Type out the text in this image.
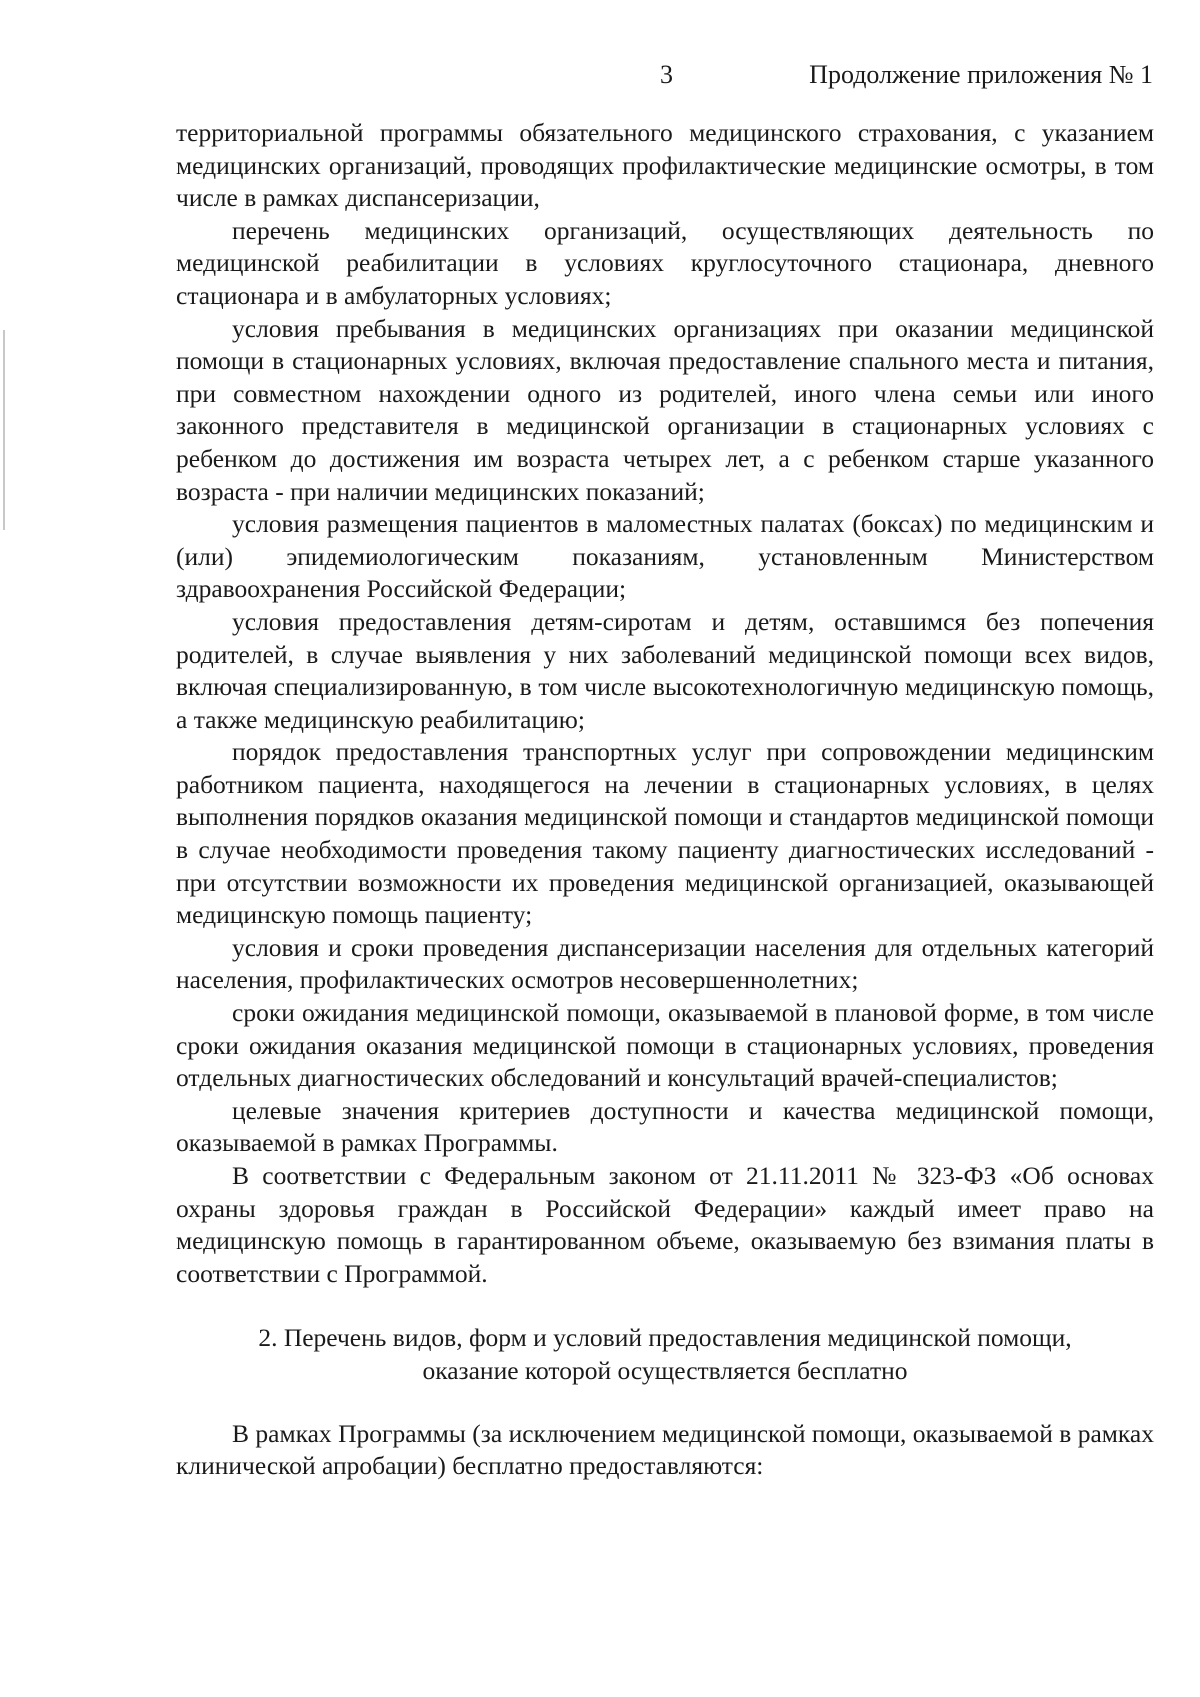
3	Продолжение приложения № 1

территориальной программы обязательного медицинского страхования, с указанием медицинских организаций, проводящих профилактические медицинские осмотры, в том числе в рамках диспансеризации,

перечень медицинских организаций, осуществляющих деятельность по медицинской реабилитации в условиях круглосуточного стационара, дневного стационара и в амбулаторных условиях;

условия пребывания в медицинских организациях при оказании медицинской помощи в стационарных условиях, включая предоставление спального места и питания, при совместном нахождении одного из родителей, иного члена семьи или иного законного представителя в медицинской организации в стационарных условиях с ребенком до достижения им возраста четырех лет, а с ребенком старше указанного возраста - при наличии медицинских показаний;

условия размещения пациентов в маломестных палатах (боксах) по медицинским и (или) эпидемиологическим показаниям, установленным Министерством здравоохранения Российской Федерации;

условия предоставления детям-сиротам и детям, оставшимся без попечения родителей, в случае выявления у них заболеваний медицинской помощи всех видов, включая специализированную, в том числе высокотехнологичную медицинскую помощь, а также медицинскую реабилитацию;

порядок предоставления транспортных услуг при сопровождении медицинским работником пациента, находящегося на лечении в стационарных условиях, в целях выполнения порядков оказания медицинской помощи и стандартов медицинской помощи в случае необходимости проведения такому пациенту диагностических исследований - при отсутствии возможности их проведения медицинской организацией, оказывающей медицинскую помощь пациенту;

условия и сроки проведения диспансеризации населения для отдельных категорий населения, профилактических осмотров несовершеннолетних;

сроки ожидания медицинской помощи, оказываемой в плановой форме, в том числе сроки ожидания оказания медицинской помощи в стационарных условиях, проведения отдельных диагностических обследований и консультаций врачей-специалистов;

целевые значения критериев доступности и качества медицинской помощи, оказываемой в рамках Программы.

В соответствии с Федеральным законом от 21.11.2011 № 323-ФЗ «Об основах охраны здоровья граждан в Российской Федерации» каждый имеет право на медицинскую помощь в гарантированном объеме, оказываемую без взимания платы в соответствии с Программой.

2. Перечень видов, форм и условий предоставления медицинской помощи, оказание которой осуществляется бесплатно

В рамках Программы (за исключением медицинской помощи, оказываемой в рамках клинической апробации) бесплатно предоставляются:
